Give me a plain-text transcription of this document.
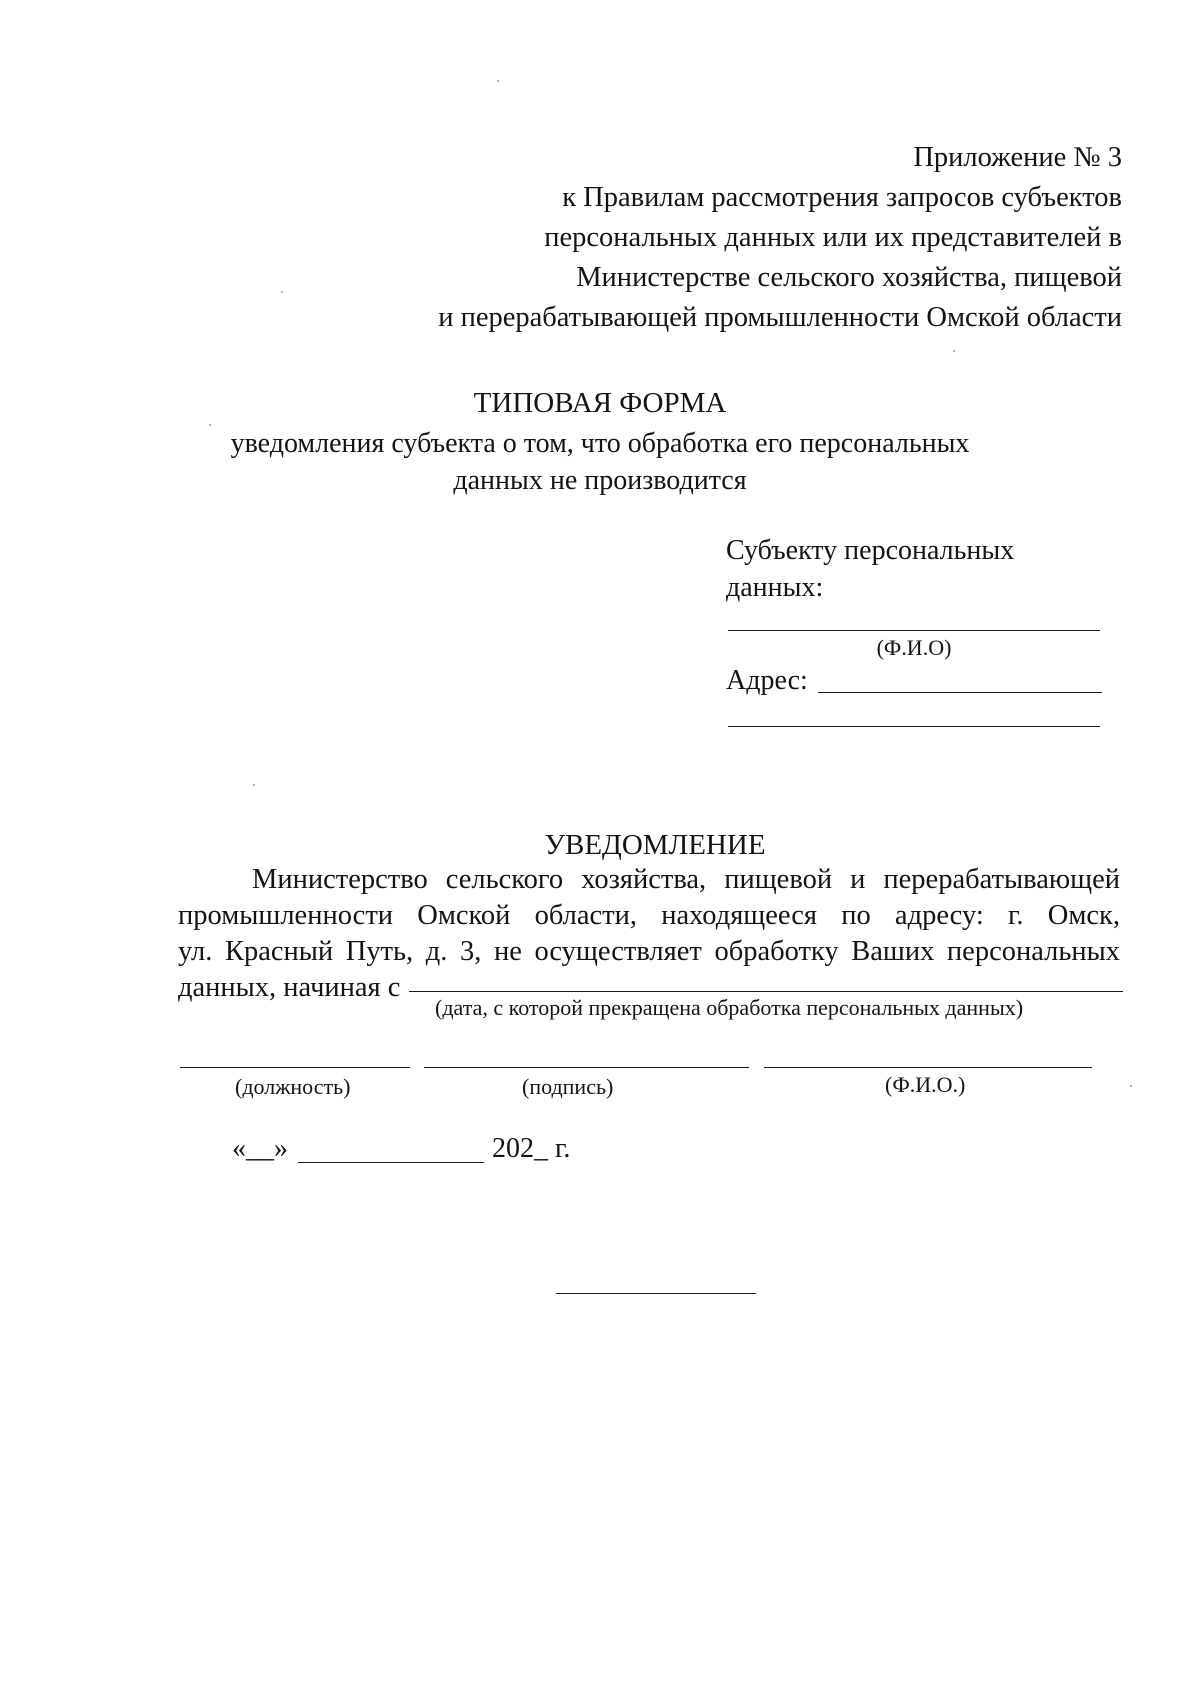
Приложение № 3
к Правилам рассмотрения запросов субъектов
персональных данных или их представителей в
Министерстве сельского хозяйства, пищевой
и перерабатывающей промышленности Омской области
ТИПОВАЯ ФОРМА
уведомления субъекта о том, что обработка его персональных
данных не производится
Субъекту персональных
данных:
(Ф.И.О)
Адрес:
УВЕДОМЛЕНИЕ
Министерство сельского хозяйства, пищевой и перерабатывающей
промышленности Омской области, находящееся по адресу: г. Омск,
ул. Красный Путь, д. 3, не осуществляет обработку Ваших персональных
данных, начиная с
(дата, с которой прекращена обработка персональных данных)
(должность)	(подпись)	(Ф.И.О.)
«__»	202_ г.
